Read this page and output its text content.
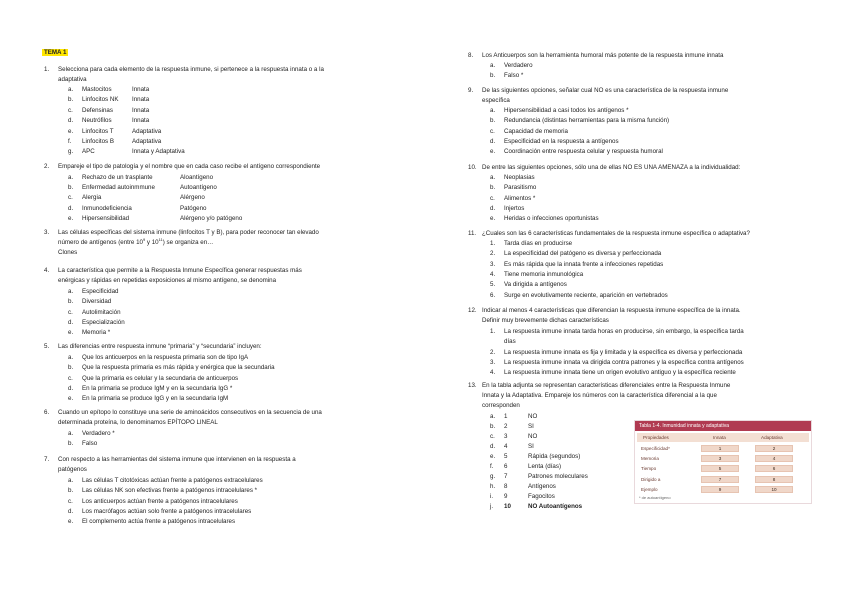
TEMA 1
1. Selecciona para cada elemento de la respuesta inmune, si pertenece a la respuesta innata o a la
adaptativa
a. Mastocitos	Innata
b. Linfocitos NK Innata
c. Defensinas	Innata
d. Neutrófilos	Innata
e. Linfocitos T	Adaptativa
f. Linfocitos B	Adaptativa
g. APC	Innata y Adaptativa
2. Empareje el tipo de patología y el nombre que en cada caso recibe el antígeno correspondiente
a. Rechazo de un trasplante	Aloantígeno
b. Enfermedad autoinmmune	Autoantígeno
c. Alergia	Alérgeno
d. Inmunodeficiencia	Patógeno
e. Hipersensibilidad	Alérgeno y/o patógeno
3. Las células específicas del sistema inmune (linfocitos T y B), para poder reconocer tan elevado
número de antígenos (entre $10^9$ y $10^{11}$) se organiza en…
Clones
4. La característica que permite a la Respuesta Inmune Específica generar respuestas más
enérgicas y rápidas en repetidas exposiciones al mismo antígeno, se denomina
a. Especificidad
b. Diversidad
c. Autolimitación
d. Especialización
e. Memoria *
5. Las diferencias entre respuesta inmune “primaria” y “secundaria” incluyen:
a. Que los anticuerpos en la respuesta primaria son de tipo IgA
b. Que la respuesta primaria es más rápida y enérgica que la secundaria
c. Que la primaria es celular y la secundaria de anticuerpos
d. En la primaria se produce IgM y en la secundaria IgG *
e. En la primaria se produce IgG y en la secundaria IgM
6. Cuando un epítopo lo constituye una serie de aminoácidos consecutivos en la secuencia de una
determinada proteína, lo denominamos EPÍTOPO LINEAL
a. Verdadero *
b. Falso
7. Con respecto a las herramientas del sistema inmune que intervienen en la respuesta a
patógenos
a. Las células T citotóxicas actúan frente a patógenos extracelulares
b. Las células NK son efectivas frente a patógenos intracelulares *
c. Los anticuerpos actúan frente a patógenos intracelulares
d. Los macrófagos actúan solo frente a patógenos intracelulares
e. El complemento actúa frente a patógenos intracelulares
8. Los Anticuerpos son la herramienta humoral más potente de la respuesta inmune innata
a. Verdadero
b. Falso *
9. De las siguientes opciones, señalar cual NO es una característica de la respuesta inmune
específica
a. Hipersensibilidad a casi todos los antígenos *
b. Redundancia (distintas herramientas para la misma función)
c. Capacidad de memoria
d. Especificidad en la respuesta a antígenos
e. Coordinación entre respuesta celular y respuesta humoral
10. De entre las siguientes opciones, sólo una de ellas NO ES UNA AMENAZA a la individualidad:
a. Neoplasias
b. Parasitismo
c. Alimentos *
d. Injertos
e. Heridas o infecciones oportunistas
11. ¿Cuales son las 6 características fundamentales de la respuesta inmune específica o adaptativa?
1. Tarda días en producirse
2. La especificidad del patógeno es diversa y perfeccionada
3. Es más rápida que la innata frente a infecciones repetidas
4. Tiene memoria inmunológica
5. Va dirigida a antígenos
6. Surge en evolutivamente reciente, aparición en vertebrados
12. Indicar al menos 4 características que diferencian la respuesta inmune específica de la innata.
Definir muy brevemente dichas características
1. La respuesta inmune innata tarda horas en producirse, sin embargo, la específica tarda
días
2. La respuesta inmune innata es fija y limitada y la específica es diversa y perfeccionada
3. La respuesta inmune innata va dirigida contra patrones y la específica contra antígenos
4. La respuesta inmune innata tiene un origen evolutivo antiguo y la específica reciente
13. En la tabla adjunta se representan características diferenciales entre la Respuesta Inmune
Innata y la Adaptativa. Empareje los números con la característica diferencial a la que
corresponden
a. 1	NO
b. 2	SI
c. 3	NO
d. 4	SI
e. 5	Rápida (segundos)
f. 6	Lenta (días)
g. 7	Patrones moleculares
h. 8	Antígenos
i. 9	Fagocitos
j. 10	NO Autoantígenos
Tabla 1-4. Inmunidad innata y adaptativa
Propiedades	Innata	Adaptativa
Especificidad*	1	2
Memoria	3	4
Tiempo	5	6
Dirigido a	7	8
Ejemplo	9	10
* de autoantígeno
